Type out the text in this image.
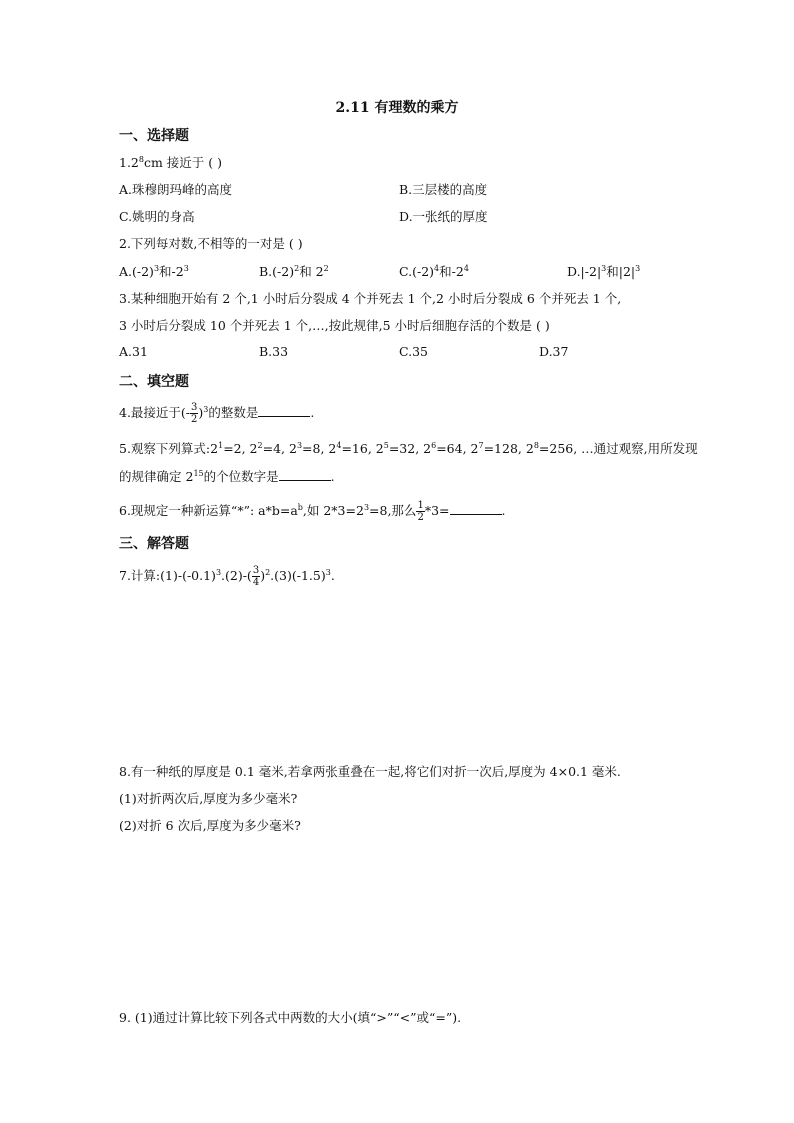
2.11 有理数的乘方
一、选择题
$1.2^8cm$ 接近于 ( )
A.珠穆朗玛峰的高度	B.三层楼的高度
C.姚明的身高	D.一张纸的厚度
2.下列每对数,不相等的一对是 ( )
$A.(-2)^3$和$-2^3$	$B.(-2)^2$和 $2^2$	$C.(-2)^4$和$-2^4$	$D.|-2|^3$和$|2|^3$
3.某种细胞开始有 2 个,1 小时后分裂成 4 个并死去 1 个,2 小时后分裂成 6 个并死去 1 个,
3 小时后分裂成 10 个并死去 1 个,…,按此规律,5 小时后细胞存活的个数是 ( )
A.31	B.33	C.35	D.37
二、填空题
4.最接近于(- $\frac{3}{2} )^3$的整数是	.
5.观察下列算式$:2^1=2$, $2^2=4$, $2^3=8$, $2^4=16$, $2^5=32$, $2^6=64$, $2^7=128$, $2^8=256$, …通过观察,用所发现
的规律确定 $2^{15}$的个位数字是	.
6.现规定一种新运算“*”: $a*b=a^b$,如 $2*3=2^3=8$,那么 $\frac{1}{2} *3=$	.
三、解答题
7.计算$:(1)-(-0.1)^3.(2)-( \frac{3}{4} )^2.(3)(-1.5)^3$.
8.有一种纸的厚度是 0.1 毫米,若拿两张重叠在一起,将它们对折一次后,厚度为 4×0.1 毫米.
(1)对折两次后,厚度为多少毫米?
(2)对折 6 次后,厚度为多少毫米?
9. (1)通过计算比较下列各式中两数的大小(填“>”“<”或“=”).
